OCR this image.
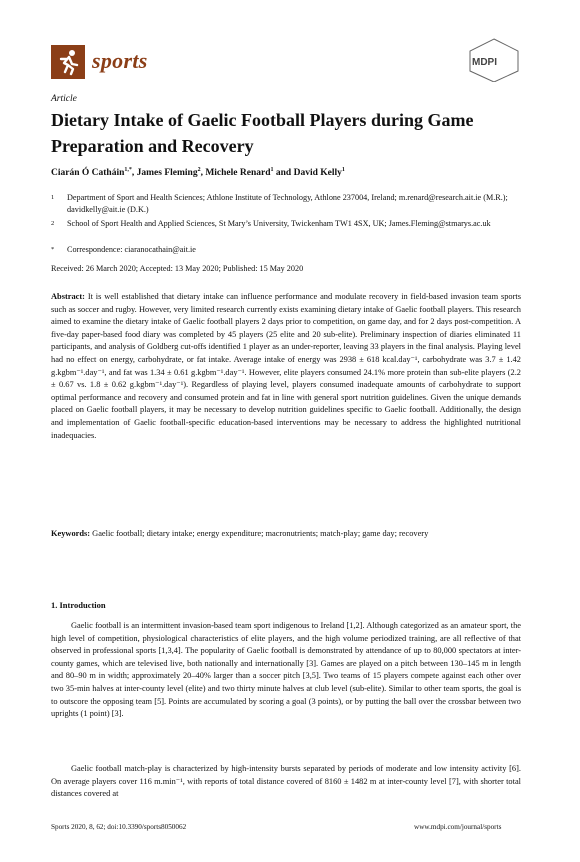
sports	MDPI
Article
Dietary Intake of Gaelic Football Players during Game Preparation and Recovery
Ciarán Ó Catháin$^{1,*}$, James Fleming$^2$, Michele Renard$^1$ and David Kelly$^1$
1 Department of Sport and Health Sciences; Athlone Institute of Technology, Athlone 237004, Ireland; m.renard@research.ait.ie (M.R.); davidkelly@ait.ie (D.K.)
2 School of Sport Health and Applied Sciences, St Mary’s University, Twickenham TW1 4SX, UK; James.Fleming@stmarys.ac.uk
* Correspondence: ciaranocathain@ait.ie
Received: 26 March 2020; Accepted: 13 May 2020; Published: 15 May 2020
Abstract: It is well established that dietary intake can influence performance and modulate recovery in field-based invasion team sports such as soccer and rugby. However, very limited research currently exists examining dietary intake of Gaelic football players. This research aimed to examine the dietary intake of Gaelic football players 2 days prior to competition, on game day, and for 2 days post-competition. A five-day paper-based food diary was completed by 45 players (25 elite and 20 sub-elite). Preliminary inspection of diaries eliminated 11 participants, and analysis of Goldberg cut-offs identified 1 player as an under-reporter, leaving 33 players in the final analysis. Playing level had no effect on energy, carbohydrate, or fat intake. Average intake of energy was 2938 ± 618 kcal.day⁻¹, carbohydrate was 3.7 ± 1.42 g.kgbm⁻¹.day⁻¹, and fat was 1.34 ± 0.61 g.kgbm⁻¹.day⁻¹. However, elite players consumed 24.1% more protein than sub-elite players (2.2 ± 0.67 vs. 1.8 ± 0.62 g.kgbm⁻¹.day⁻¹). Regardless of playing level, players consumed inadequate amounts of carbohydrate to support optimal performance and recovery and consumed protein and fat in line with general sport nutrition guidelines. Given the unique demands placed on Gaelic football players, it may be necessary to develop nutrition guidelines specific to Gaelic football. Additionally, the design and implementation of Gaelic football-specific education-based interventions may be necessary to address the highlighted nutritional inadequacies.
Keywords: Gaelic football; dietary intake; energy expenditure; macronutrients; match-play; game day; recovery
1. Introduction
Gaelic football is an intermittent invasion-based team sport indigenous to Ireland [1,2]. Although categorized as an amateur sport, the high level of competition, physiological characteristics of elite players, and the high volume periodized training, are all reflective of that observed in professional sports [1,3,4]. The popularity of Gaelic football is demonstrated by attendance of up to 80,000 spectators at inter-county games, which are televised live, both nationally and internationally [3]. Games are played on a pitch between 130–145 m in length and 80–90 m in width; approximately 20–40% larger than a soccer pitch [3,5]. Two teams of 15 players compete against each other over two 35-min halves at inter-county level (elite) and two thirty minute halves at club level (sub-elite). Similar to other team sports, the goal is to outscore the opposing team [5]. Points are accumulated by scoring a goal (3 points), or by putting the ball over the crossbar between two uprights (1 point) [3].
Gaelic football match-play is characterized by high-intensity bursts separated by periods of moderate and low intensity activity [6]. On average players cover 116 m.min⁻¹, with reports of total distance covered of 8160 ± 1482 m at inter-county level [7], with shorter total distances covered at
Sports 2020, 8, 62; doi:10.3390/sports8050062	www.mdpi.com/journal/sports
